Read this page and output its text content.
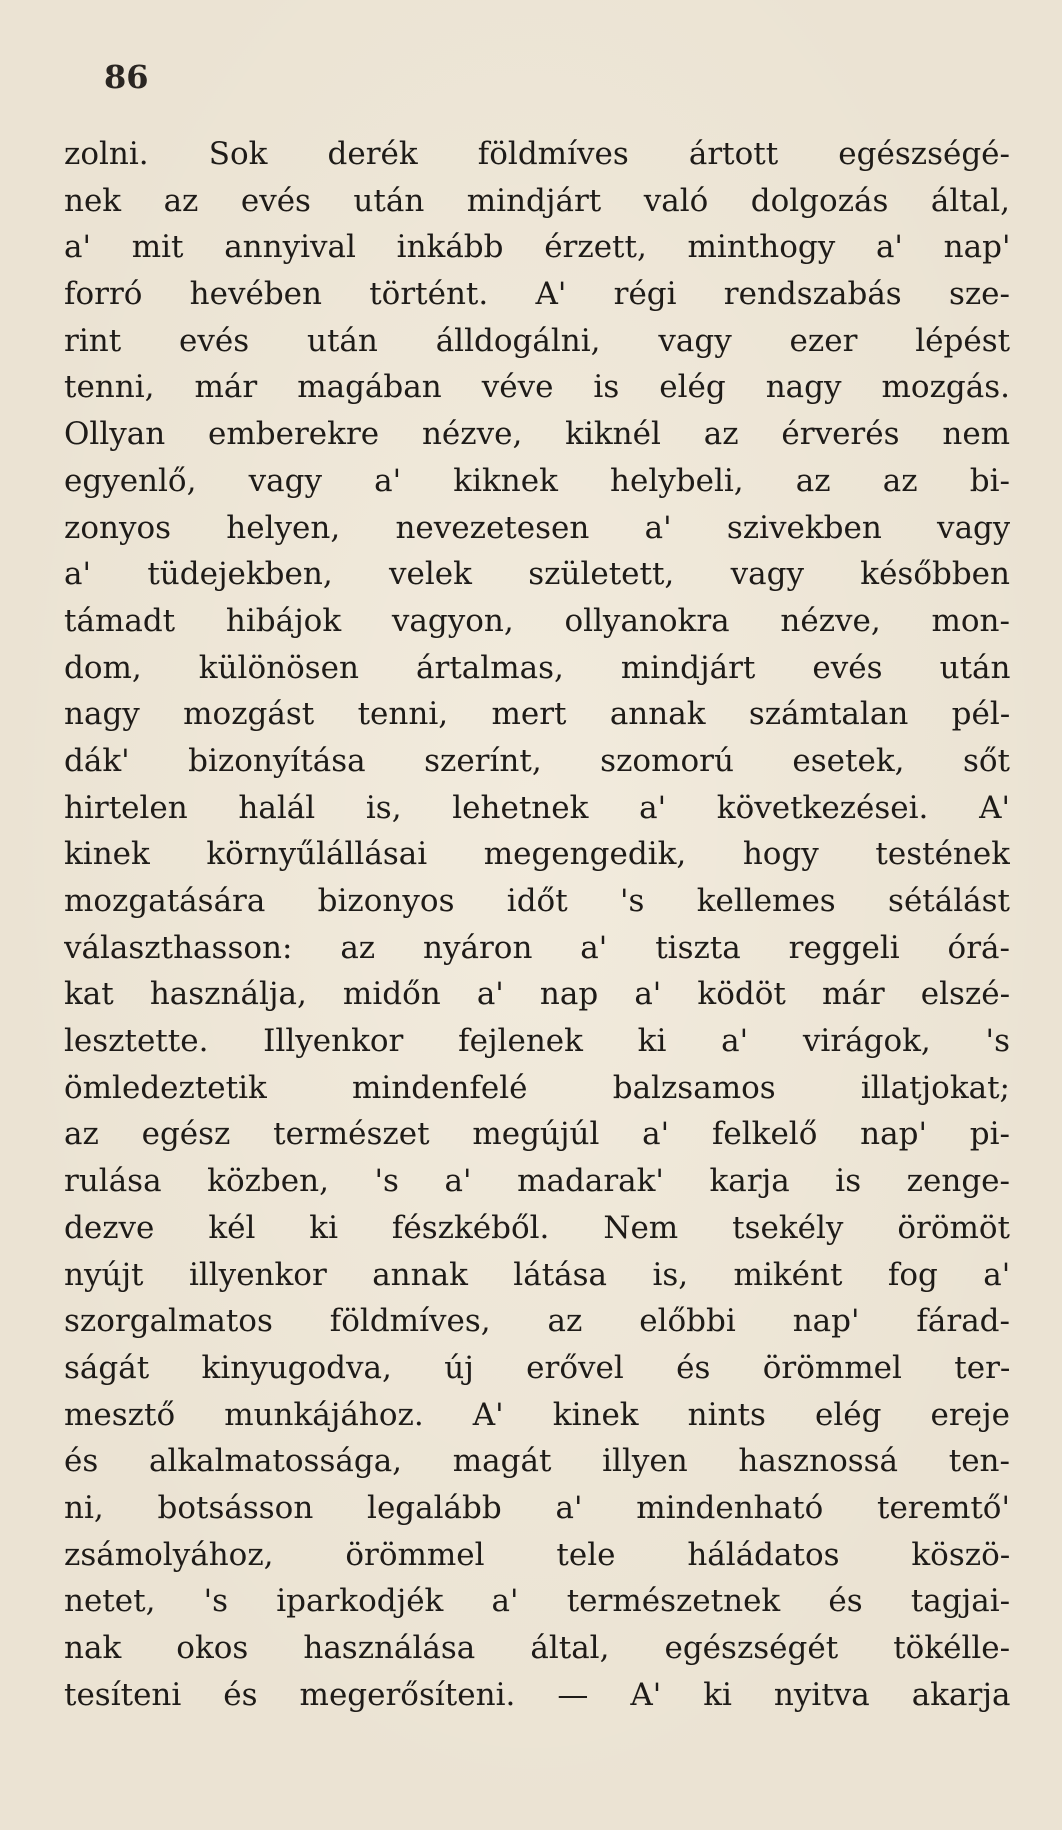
86
zolni. Sok derék földmíves ártott egészségé-
nek az evés után mindjárt való dolgozás által,
a' mit annyival inkább érzett, minthogy a' nap'
forró hevében történt. A' régi rendszabás sze-
rint evés után álldogálni, vagy ezer lépést
tenni, már magában véve is elég nagy mozgás.
Ollyan emberekre nézve, kiknél az érverés nem
egyenlő, vagy a' kiknek helybeli, az az bi-
zonyos helyen, nevezetesen a' szivekben vagy
a' tüdejekben, velek született, vagy későbben
támadt hibájok vagyon, ollyanokra nézve, mon-
dom, különösen ártalmas, mindjárt evés után
nagy mozgást tenni, mert annak számtalan pél-
dák' bizonyítása szerínt, szomorú esetek, sőt
hirtelen halál is, lehetnek a' következései. A'
kinek környűlállásai megengedik, hogy testének
mozgatására bizonyos időt 's kellemes sétálást
választhasson: az nyáron a' tiszta reggeli órá-
kat használja, midőn a' nap a' ködöt már elszé-
lesztette. Illyenkor fejlenek ki a' virágok, 's
ömledeztetik mindenfelé balzsamos illatjokat;
az egész természet megújúl a' felkelő nap' pi-
rulása közben, 's a' madarak' karja is zenge-
dezve kél ki fészkéből. Nem tsekély örömöt
nyújt illyenkor annak látása is, miként fog a'
szorgalmatos földmíves, az előbbi nap' fárad-
ságát kinyugodva, új erővel és örömmel ter-
mesztő munkájához. A' kinek nints elég ereje
és alkalmatossága, magát illyen hasznossá ten-
ni, botsásson legalább a' mindenható teremtő'
zsámolyához, örömmel tele háládatos köszö-
netet, 's iparkodjék a' természetnek és tagjai-
nak okos használása által, egészségét tökélle-
tesíteni és megerősíteni. — A' ki nyitva akarja
